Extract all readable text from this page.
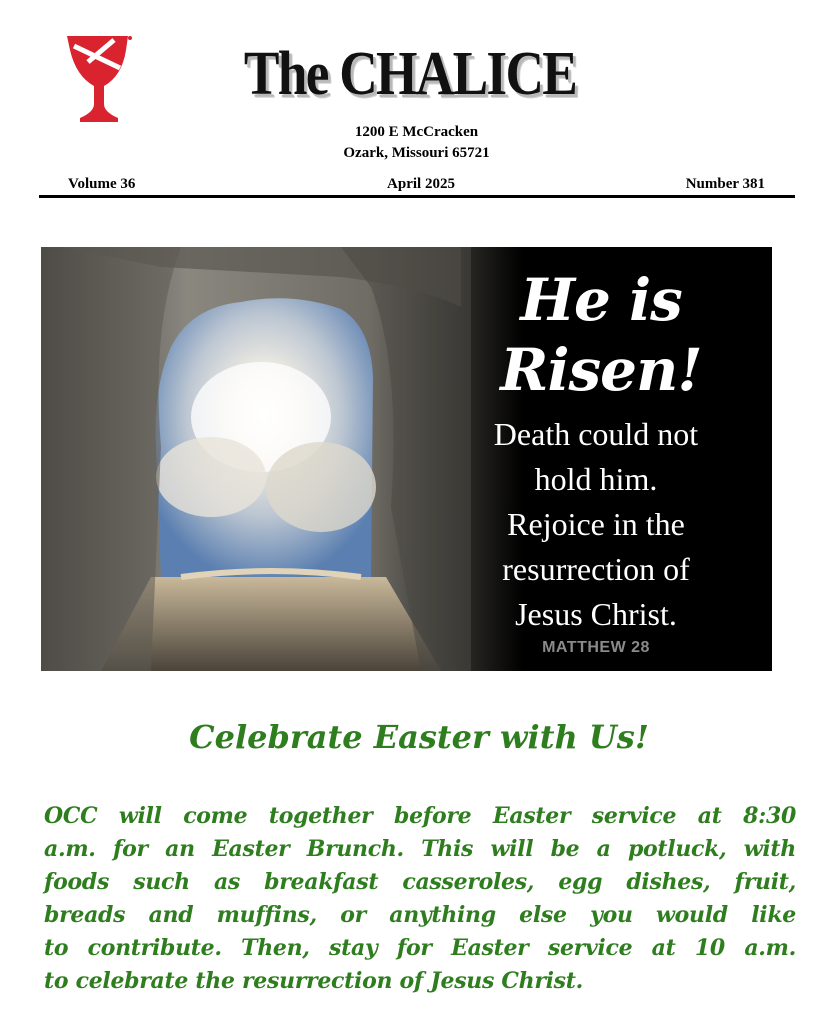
The CHALICE
1200 E McCracken
Ozark, Missouri 65721
Volume 36	April 2025	Number 381
He is
Risen!
Death could not
hold him.
Rejoice in the
resurrection of
Jesus Christ.
MATTHEW 28
Celebrate Easter with Us!
OCC will come together before Easter service at 8:30
a.m. for an Easter Brunch. This will be a potluck, with
foods such as breakfast casseroles, egg dishes, fruit,
breads and muffins, or anything else you would like
to contribute. Then, stay for Easter service at 10 a.m.
to celebrate the resurrection of Jesus Christ.
